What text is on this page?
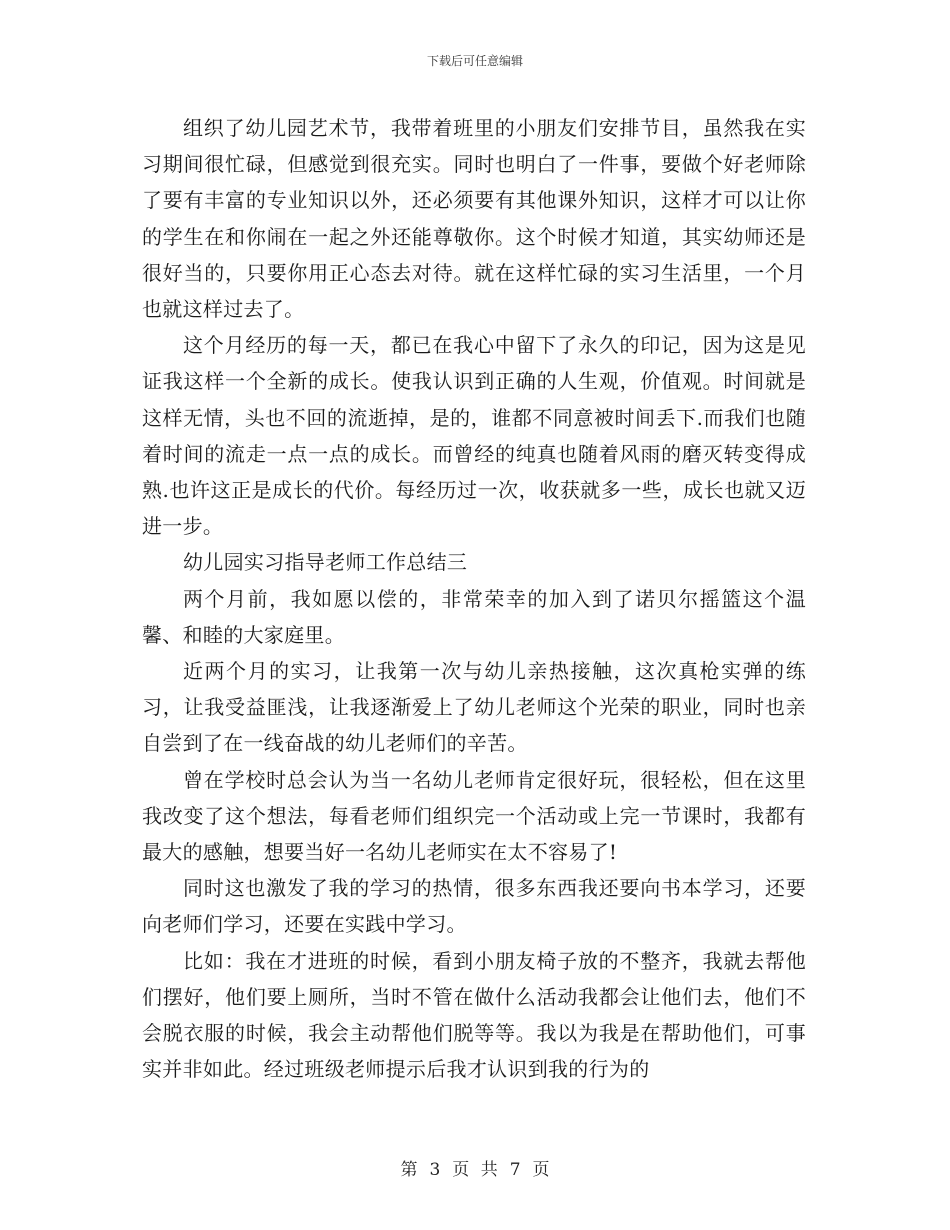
下载后可任意编辑

组织了幼儿园艺术节，我带着班里的小朋友们安排节目，虽然我在实习期间很忙碌，但感觉到很充实。同时也明白了一件事，要做个好老师除了要有丰富的专业知识以外，还必须要有其他课外知识，这样才可以让你的学生在和你闹在一起之外还能尊敬你。这个时候才知道，其实幼师还是很好当的，只要你用正心态去对待。就在这样忙碌的实习生活里，一个月也就这样过去了。

这个月经历的每一天，都已在我心中留下了永久的印记，因为这是见证我这样一个全新的成长。使我认识到正确的人生观，价值观。时间就是这样无情，头也不回的流逝掉，是的，谁都不同意被时间丢下.而我们也随着时间的流走一点一点的成长。而曾经的纯真也随着风雨的磨灭转变得成熟.也许这正是成长的代价。每经历过一次，收获就多一些，成长也就又迈进一步。

幼儿园实习指导老师工作总结三

两个月前，我如愿以偿的，非常荣幸的加入到了诺贝尔摇篮这个温馨、和睦的大家庭里。

近两个月的实习，让我第一次与幼儿亲热接触，这次真枪实弹的练习，让我受益匪浅，让我逐渐爱上了幼儿老师这个光荣的职业，同时也亲自尝到了在一线奋战的幼儿老师们的辛苦。

曾在学校时总会认为当一名幼儿老师肯定很好玩，很轻松，但在这里我改变了这个想法，每看老师们组织完一个活动或上完一节课时，我都有最大的感触，想要当好一名幼儿老师实在太不容易了!

同时这也激发了我的学习的热情，很多东西我还要向书本学习，还要向老师们学习，还要在实践中学习。

比如：我在才进班的时候，看到小朋友椅子放的不整齐，我就去帮他们摆好，他们要上厕所，当时不管在做什么活动我都会让他们去，他们不会脱衣服的时候，我会主动帮他们脱等等。我以为我是在帮助他们，可事实并非如此。经过班级老师提示后我才认识到我的行为的

第 3 页 共 7 页
